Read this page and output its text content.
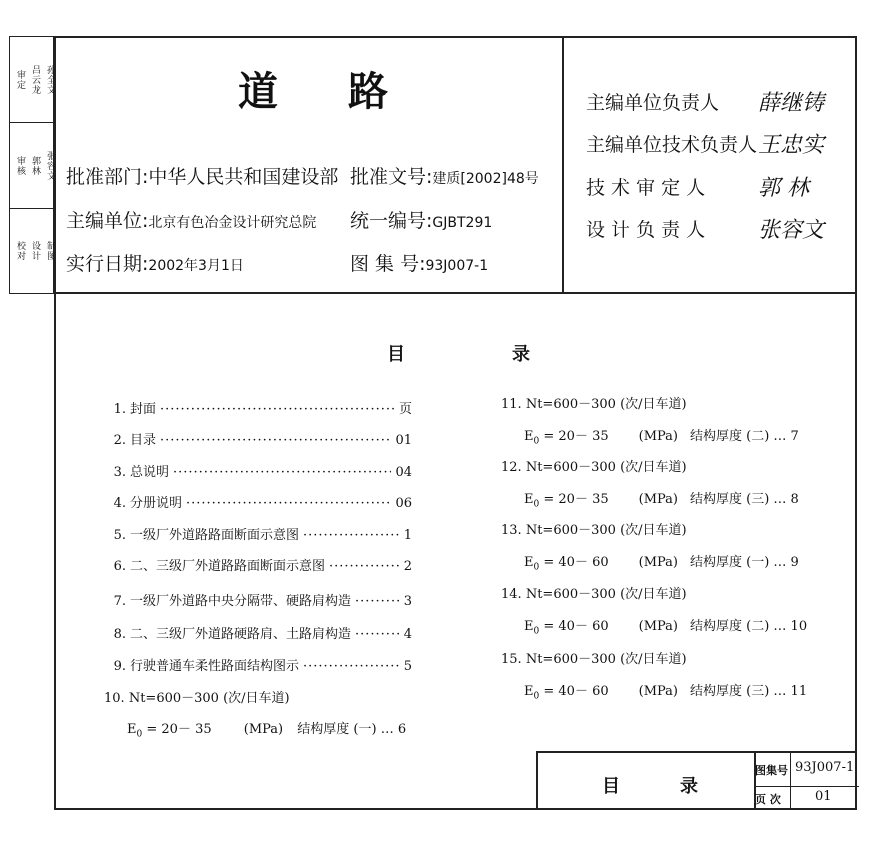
审定 吕云龙 孙全文
审核 郭林 张容文
校对 设计 制图
道路
批准部门:中华人民共和国建设部
主编单位:北京有色冶金设计研究总院
实行日期:2002年3月1日
批准文号:建质[2002]48号
统一编号:GJBT291
图 集 号:93J007-1
主编单位负责人 薛继铸
主编单位技术负责人 王忠实
技 术 审 定 人 郭 林
设 计 负 责 人 张容文
目	录
1. 封面 ·····	页
2. 目录 ·····	01
3. 总说明 ·····	04
4. 分册说明 ·····	06
5. 一级厂外道路路面断面示意图 ·····	1
6. 二、三级厂外道路路面断面示意图 ·····	2
7. 一级厂外道路中央分隔带、硬路肩构造 ·····	3
8. 二、三级厂外道路硬路肩、土路肩构造 ·····	4
9. 行驶普通车柔性路面结构图示 ·····	5
10. Nt=600－300 (次/日车道)
$E_0 = 20- 35$ (MPa) 结构厚度 (一) … 6
11. Nt=600－300 (次/日车道)
$E_0 = 20- 35$ (MPa) 结构厚度 (二) … 7
12. Nt=600－300 (次/日车道)
$E_0 = 20- 35$ (MPa) 结构厚度 (三) … 8
13. Nt=600－300 (次/日车道)
$E_0 = 40- 60$ (MPa) 结构厚度 (一) … 9
14. Nt=600－300 (次/日车道)
$E_0 = 40- 60$ (MPa) 结构厚度 (二) … 10
15. Nt=600－300 (次/日车道)
$E_0 = 40- 60$ (MPa) 结构厚度 (三) … 11
目	录
图集号 93J007-1
页 次	01
